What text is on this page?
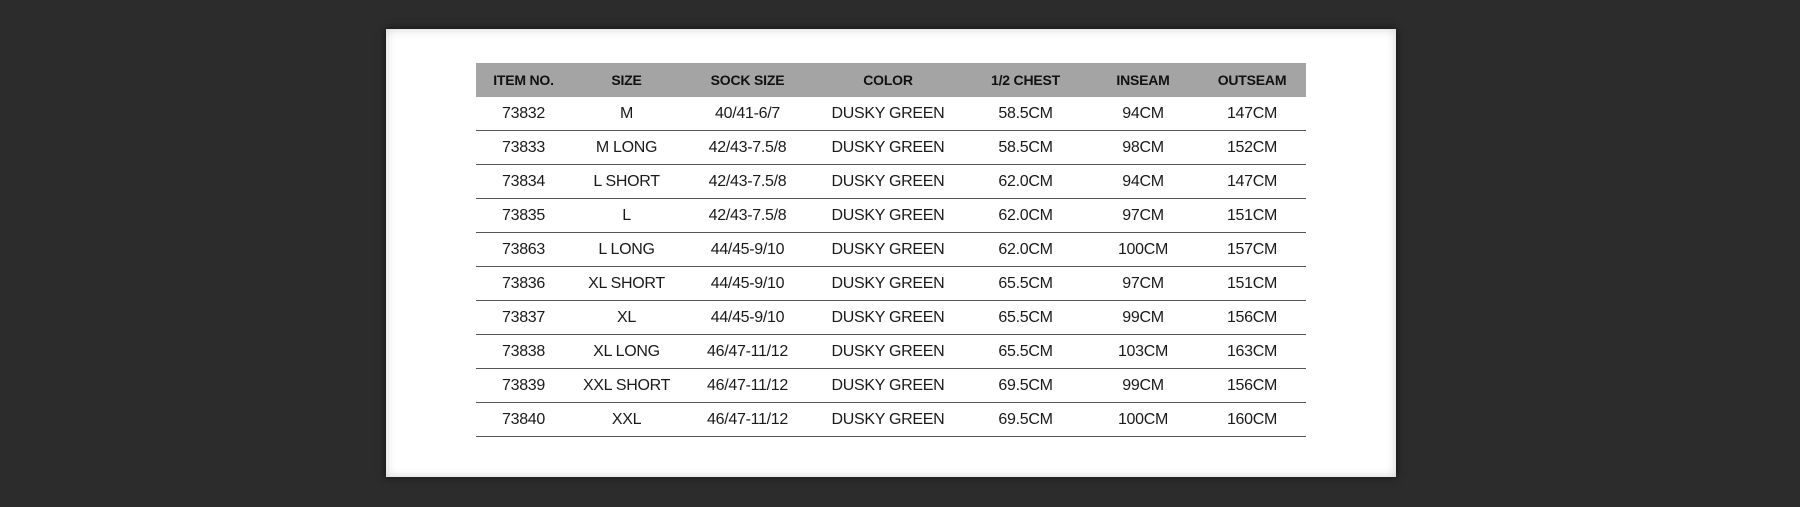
ITEM NO.	SIZE	SOCK SIZE	COLOR	1/2 CHEST	INSEAM	OUTSEAM
73832	M	40/41-6/7	DUSKY GREEN	58.5CM	94CM	147CM
73833	M LONG	42/43-7.5/8	DUSKY GREEN	58.5CM	98CM	152CM
73834	L SHORT	42/43-7.5/8	DUSKY GREEN	62.0CM	94CM	147CM
73835	L	42/43-7.5/8	DUSKY GREEN	62.0CM	97CM	151CM
73863	L LONG	44/45-9/10	DUSKY GREEN	62.0CM	100CM	157CM
73836	XL SHORT	44/45-9/10	DUSKY GREEN	65.5CM	97CM	151CM
73837	XL	44/45-9/10	DUSKY GREEN	65.5CM	99CM	156CM
73838	XL LONG	46/47-11/12	DUSKY GREEN	65.5CM	103CM	163CM
73839	XXL SHORT	46/47-11/12	DUSKY GREEN	69.5CM	99CM	156CM
73840	XXL	46/47-11/12	DUSKY GREEN	69.5CM	100CM	160CM
